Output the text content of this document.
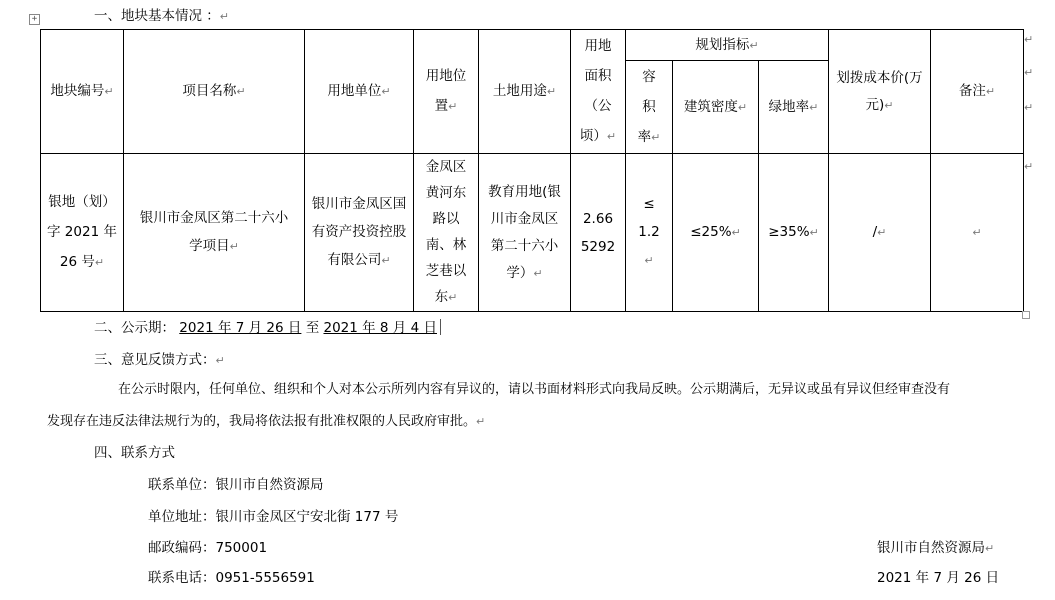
+	一、地块基本情况 ：↵
地块编号↵	项目名称↵	用地单位↵	用地位置↵	土地用途↵	用地面积（公顷）↵	规划指标↵			划拨成本价(万元)↵	备注↵
						容积率↵	建筑密度↵	绿地率↵		
银地（划）字 2021 年 26 号↵	银川市金凤区第二十六小学项目↵	银川市金凤区国有资产投资控股有限公司↵	金凤区黄河东路以南、林芝巷以东↵	教育用地(银川市金凤区第二十六小学）↵	2.665292	≤1.2↵	≤25%↵	≥35%↵	/↵	↵
↵
↵
↵
↵
二、公示期： 2021 年 7 月 26 日 至 2021 年 8 月 4 日
三、意见反馈方式：↵
在公示时限内，任何单位、组织和个人对本公示所列内容有异议的，请以书面材料形式向我局反映。公示期满后，无异议或虽有异议但经审查没有
发现存在违反法律法规行为的，我局将依法报有批准权限的人民政府审批。↵
四、联系方式
联系单位：银川市自然资源局
单位地址：银川市金凤区宁安北街 177 号
邮政编码：750001
联系电话：0951-5556591
银川市自然资源局↵
2021 年 7 月 26 日
